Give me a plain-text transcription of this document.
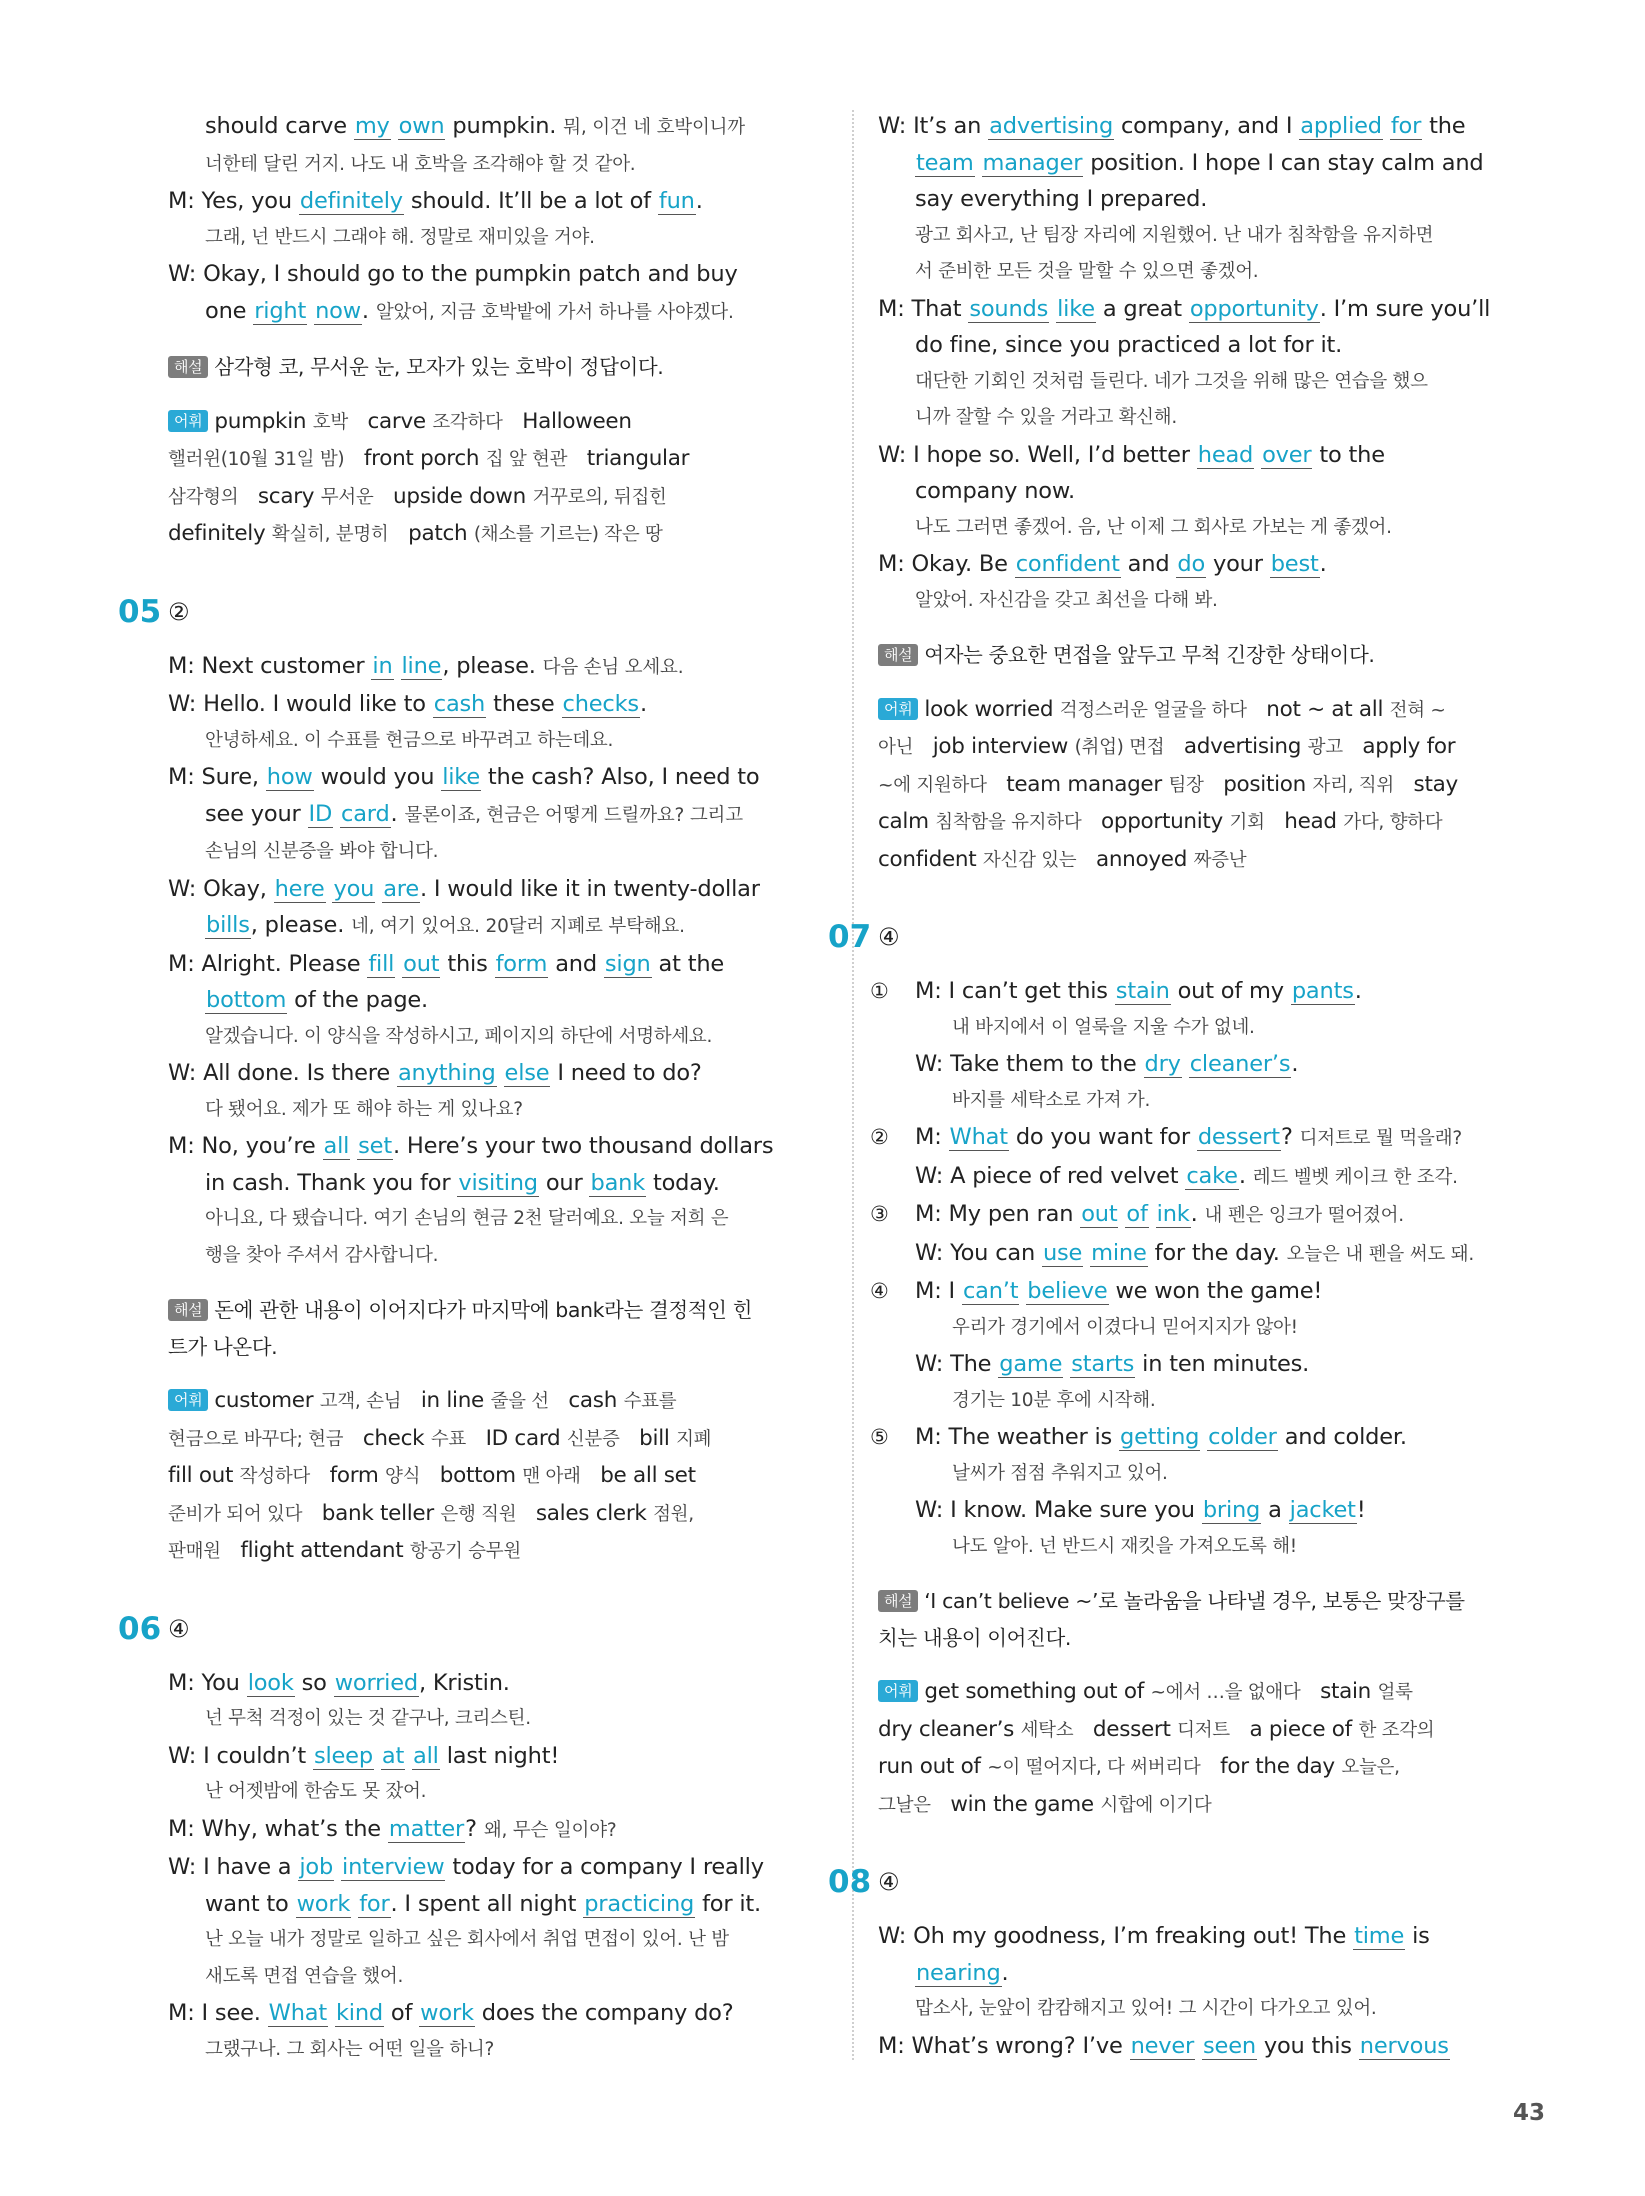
should carve my own pumpkin. 뭐, 이건 네 호박이니까
너한테 달린 거지. 나도 내 호박을 조각해야 할 것 같아.
M: Yes, you definitely should. It’ll be a lot of fun.
그래, 넌 반드시 그래야 해. 정말로 재미있을 거야.
W: Okay, I should go to the pumpkin patch and buy
one right now. 알았어, 지금 호박밭에 가서 하나를 사야겠다.
해설 삼각형 코, 무서운 눈, 모자가 있는 호박이 정답이다.
어휘 pumpkin 호박   carve 조각하다   Halloween
핼러윈(10월 31일 밤)   front porch 집 앞 현관   triangular
삼각형의   scary 무서운   upside down 거꾸로의, 뒤집힌
definitely 확실히, 분명히   patch (채소를 기르는) 작은 땅
05 ②
M: Next customer in line, please. 다음 손님 오세요.
W: Hello. I would like to cash these checks.
안녕하세요. 이 수표를 현금으로 바꾸려고 하는데요.
M: Sure, how would you like the cash? Also, I need to
see your ID card. 물론이죠, 현금은 어떻게 드릴까요? 그리고
손님의 신분증을 봐야 합니다.
W: Okay, here you are. I would like it in twenty-dollar
bills, please. 네, 여기 있어요. 20달러 지폐로 부탁해요.
M: Alright. Please fill out this form and sign at the
bottom of the page.
알겠습니다. 이 양식을 작성하시고, 페이지의 하단에 서명하세요.
W: All done. Is there anything else I need to do?
다 됐어요. 제가 또 해야 하는 게 있나요?
M: No, you’re all set. Here’s your two thousand dollars
in cash. Thank you for visiting our bank today.
아니요, 다 됐습니다. 여기 손님의 현금 2천 달러예요. 오늘 저희 은
행을 찾아 주셔서 감사합니다.
해설 돈에 관한 내용이 이어지다가 마지막에 bank라는 결정적인 힌
트가 나온다.
어휘 customer 고객, 손님   in line 줄을 선   cash 수표를
현금으로 바꾸다; 현금   check 수표   ID card 신분증   bill 지폐
fill out 작성하다   form 양식   bottom 맨 아래   be all set
준비가 되어 있다   bank teller 은행 직원   sales clerk 점원,
판매원   flight attendant 항공기 승무원
06 ④
M: You look so worried, Kristin.
넌 무척 걱정이 있는 것 같구나, 크리스틴.
W: I couldn’t sleep at all last night!
난 어젯밤에 한숨도 못 잤어.
M: Why, what’s the matter? 왜, 무슨 일이야?
W: I have a job interview today for a company I really
want to work for. I spent all night practicing for it.
난 오늘 내가 정말로 일하고 싶은 회사에서 취업 면접이 있어. 난 밤
새도록 면접 연습을 했어.
M: I see. What kind of work does the company do?
그랬구나. 그 회사는 어떤 일을 하니?
W: It’s an advertising company, and I applied for the
team manager position. I hope I can stay calm and
say everything I prepared.
광고 회사고, 난 팀장 자리에 지원했어. 난 내가 침착함을 유지하면
서 준비한 모든 것을 말할 수 있으면 좋겠어.
M: That sounds like a great opportunity. I’m sure you’ll
do fine, since you practiced a lot for it.
대단한 기회인 것처럼 들린다. 네가 그것을 위해 많은 연습을 했으
니까 잘할 수 있을 거라고 확신해.
W: I hope so. Well, I’d better head over to the
company now.
나도 그러면 좋겠어. 음, 난 이제 그 회사로 가보는 게 좋겠어.
M: Okay. Be confident and do your best.
알았어. 자신감을 갖고 최선을 다해 봐.
해설 여자는 중요한 면접을 앞두고 무척 긴장한 상태이다.
어휘 look worried 걱정스러운 얼굴을 하다   not ~ at all 전혀 ~
아닌   job interview (취업) 면접   advertising 광고   apply for
~에 지원하다   team manager 팀장   position 자리, 직위   stay
calm 침착함을 유지하다   opportunity 기회   head 가다, 향하다
confident 자신감 있는   annoyed 짜증난
07 ④
① M: I can’t get this stain out of my pants.
내 바지에서 이 얼룩을 지울 수가 없네.
W: Take them to the dry cleaner’s.
바지를 세탁소로 가져 가.
② M: What do you want for dessert? 디저트로 뭘 먹을래?
W: A piece of red velvet cake. 레드 벨벳 케이크 한 조각.
③ M: My pen ran out of ink. 내 펜은 잉크가 떨어졌어.
W: You can use mine for the day. 오늘은 내 펜을 써도 돼.
④ M: I can’t believe we won the game!
우리가 경기에서 이겼다니 믿어지지가 않아!
W: The game starts in ten minutes.
경기는 10분 후에 시작해.
⑤ M: The weather is getting colder and colder.
날씨가 점점 추워지고 있어.
W: I know. Make sure you bring a jacket!
나도 알아. 넌 반드시 재킷을 가져오도록 해!
해설 ‘I can’t believe ~’로 놀라움을 나타낼 경우, 보통은 맞장구를
치는 내용이 이어진다.
어휘 get something out of ~에서 …을 없애다   stain 얼룩
dry cleaner’s 세탁소   dessert 디저트   a piece of 한 조각의
run out of ~이 떨어지다, 다 써버리다   for the day 오늘은,
그날은   win the game 시합에 이기다
08 ④
W: Oh my goodness, I’m freaking out! The time is
nearing.
맙소사, 눈앞이 캄캄해지고 있어! 그 시간이 다가오고 있어.
M: What’s wrong? I’ve never seen you this nervous
43
